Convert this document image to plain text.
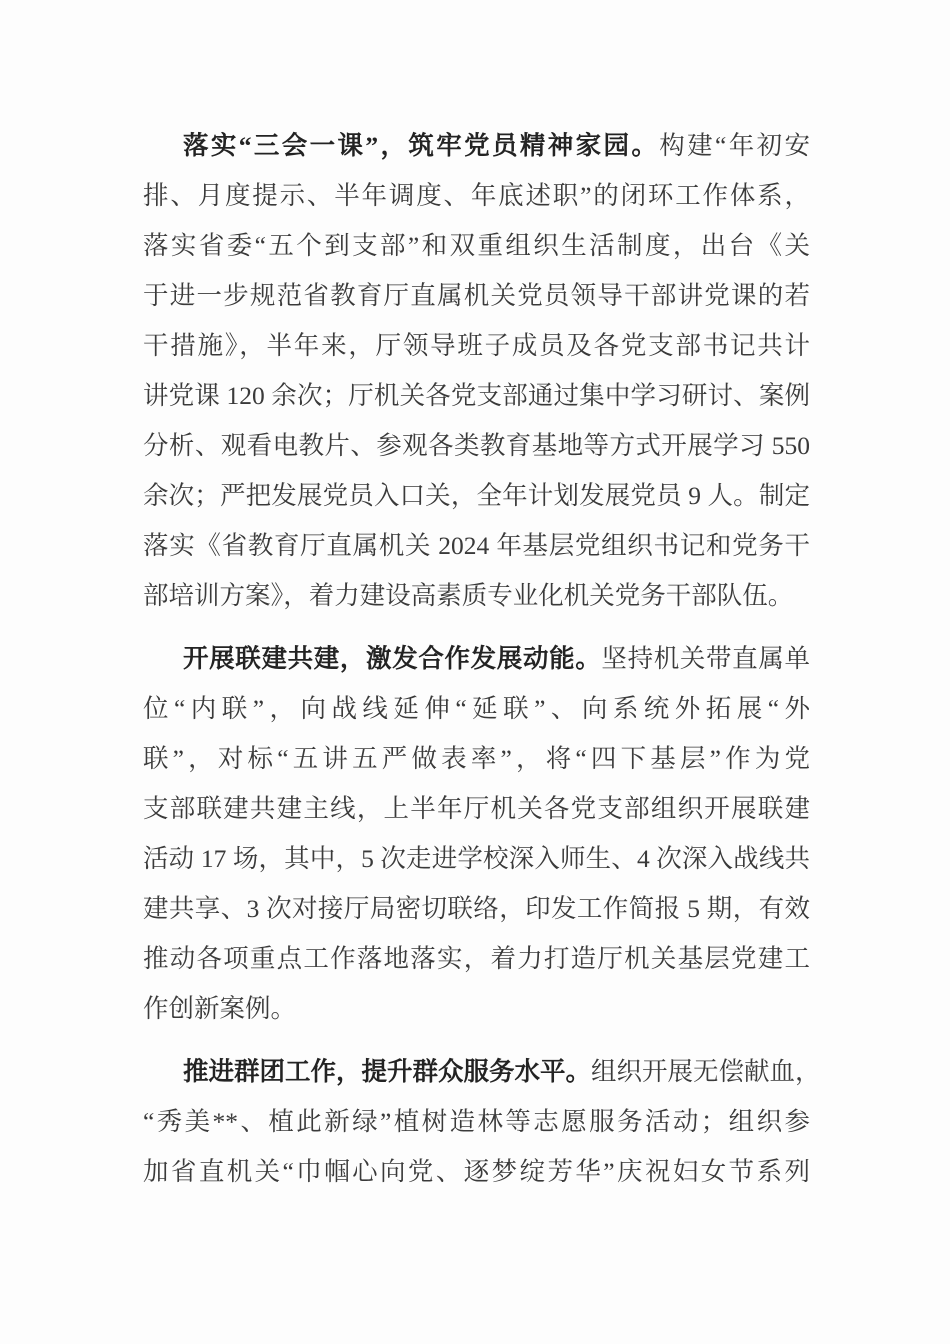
落实“三会一课”，筑牢党员精神家园。构建“年初安
排、月度提示、半年调度、年底述职”的闭环工作体系，
落实省委“五个到支部”和双重组织生活制度，出台《关
于进一步规范省教育厅直属机关党员领导干部讲党课的若
干措施》，半年来，厅领导班子成员及各党支部书记共计
讲党课 120 余次；厅机关各党支部通过集中学习研讨、案例
分析、观看电教片、参观各类教育基地等方式开展学习 550
余次；严把发展党员入口关，全年计划发展党员 9 人。制定
落实《省教育厅直属机关 2024 年基层党组织书记和党务干
部培训方案》，着力建设高素质专业化机关党务干部队伍。
开展联建共建，激发合作发展动能。坚持机关带直属单
位“内联”，向战线延伸“延联”、向系统外拓展“外
联”，对标“五讲五严做表率”，将“四下基层”作为党
支部联建共建主线，上半年厅机关各党支部组织开展联建
活动 17 场，其中，5 次走进学校深入师生、4 次深入战线共
建共享、3 次对接厅局密切联络，印发工作简报 5 期，有效
推动各项重点工作落地落实，着力打造厅机关基层党建工
作创新案例。
推进群团工作，提升群众服务水平。组织开展无偿献血，
“秀美**、植此新绿”植树造林等志愿服务活动；组织参
加省直机关“巾帼心向党、逐梦绽芳华”庆祝妇女节系列
